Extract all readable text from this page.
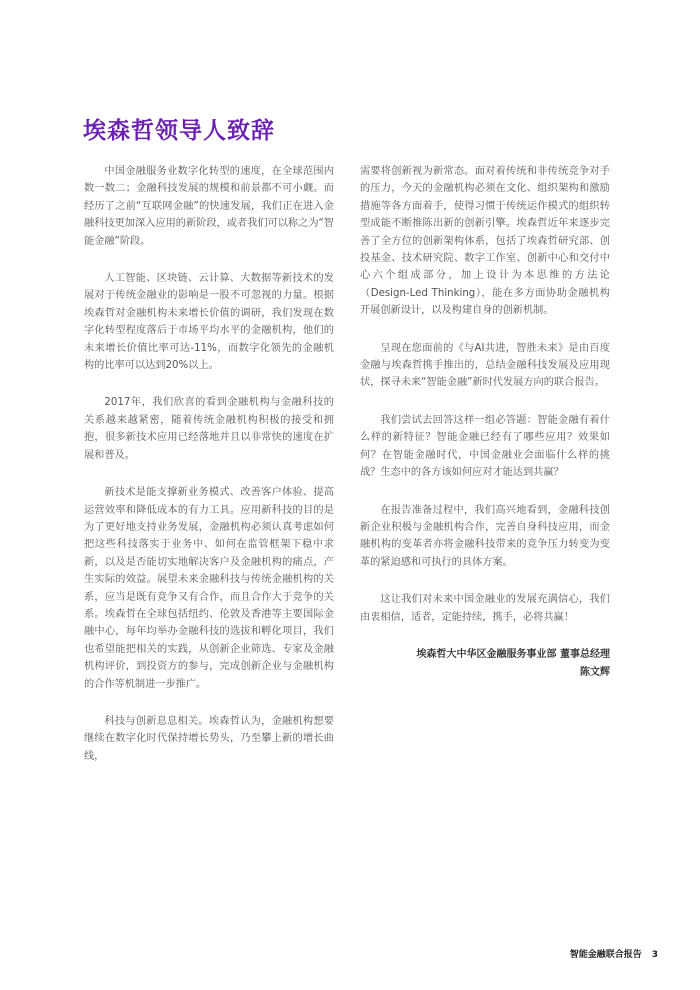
埃森哲领导人致辞

中国金融服务业数字化转型的速度，在全球范围内数一数二；金融科技发展的规模和前景都不可小觑。而经历了之前“互联网金融”的快速发展，我们正在进入金融科技更加深入应用的新阶段，或者我们可以称之为“智能金融”阶段。

人工智能、区块链、云计算、大数据等新技术的发展对于传统金融业的影响是一股不可忽视的力量。根据埃森哲对金融机构未来增长价值的调研，我们发现在数字化转型程度落后于市场平均水平的金融机构，他们的未来增长价值比率可达-11%，而数字化领先的金融机构的比率可以达到20%以上。

2017年，我们欣喜的看到金融机构与金融科技的关系越来越紧密，随着传统金融机构积极的接受和拥抱，很多新技术应用已经落地并且以非常快的速度在扩展和普及。

新技术是能支撑新业务模式、改善客户体验、提高运营效率和降低成本的有力工具。应用新科技的目的是为了更好地支持业务发展，金融机构必须认真考虑如何把这些科技落实于业务中、如何在监管框架下稳中求新，以及是否能切实地解决客户及金融机构的痛点，产生实际的效益。展望未来金融科技与传统金融机构的关系，应当是既有竞争又有合作，而且合作大于竞争的关系。埃森哲在全球包括纽约、伦敦及香港等主要国际金融中心，每年均举办金融科技的选拔和孵化项目，我们也希望能把相关的实践，从创新企业筛选、专家及金融机构评价，到投资方的参与，完成创新企业与金融机构的合作等机制进一步推广。

科技与创新息息相关。埃森哲认为，金融机构想要继续在数字化时代保持增长势头，乃至攀上新的增长曲线，

需要将创新视为新常态。面对着传统和非传统竞争对手的压力，今天的金融机构必须在文化、组织架构和激励措施等各方面着手，使得习惯于传统运作模式的组织转型成能不断推陈出新的创新引擎。埃森哲近年来逐步完善了全方位的创新架构体系，包括了埃森哲研究部、创投基金、技术研究院、数字工作室、创新中心和交付中心六个组成部分，加上设计为本思维的方法论（Design-Led Thinking），能在多方面协助金融机构开展创新设计，以及构建自身的创新机制。

呈现在您面前的《与AI共进，智胜未来》是由百度金融与埃森哲携手推出的，总结金融科技发展及应用现状，探寻未来“智能金融”新时代发展方向的联合报告。

我们尝试去回答这样一组必答题：智能金融有着什么样的新特征？智能金融已经有了哪些应用？效果如何？在智能金融时代，中国金融业会面临什么样的挑战？生态中的各方该如何应对才能达到共赢？

在报告准备过程中，我们高兴地看到，金融科技创新企业积极与金融机构合作，完善自身科技应用，而金融机构的变革者亦将金融科技带来的竞争压力转变为变革的紧迫感和可执行的具体方案。

这让我们对未来中国金融业的发展充满信心，我们由衷相信，适者，定能持续，携手，必将共赢！

埃森哲大中华区金融服务事业部 董事总经理
陈文辉
智能金融联合报告 3
